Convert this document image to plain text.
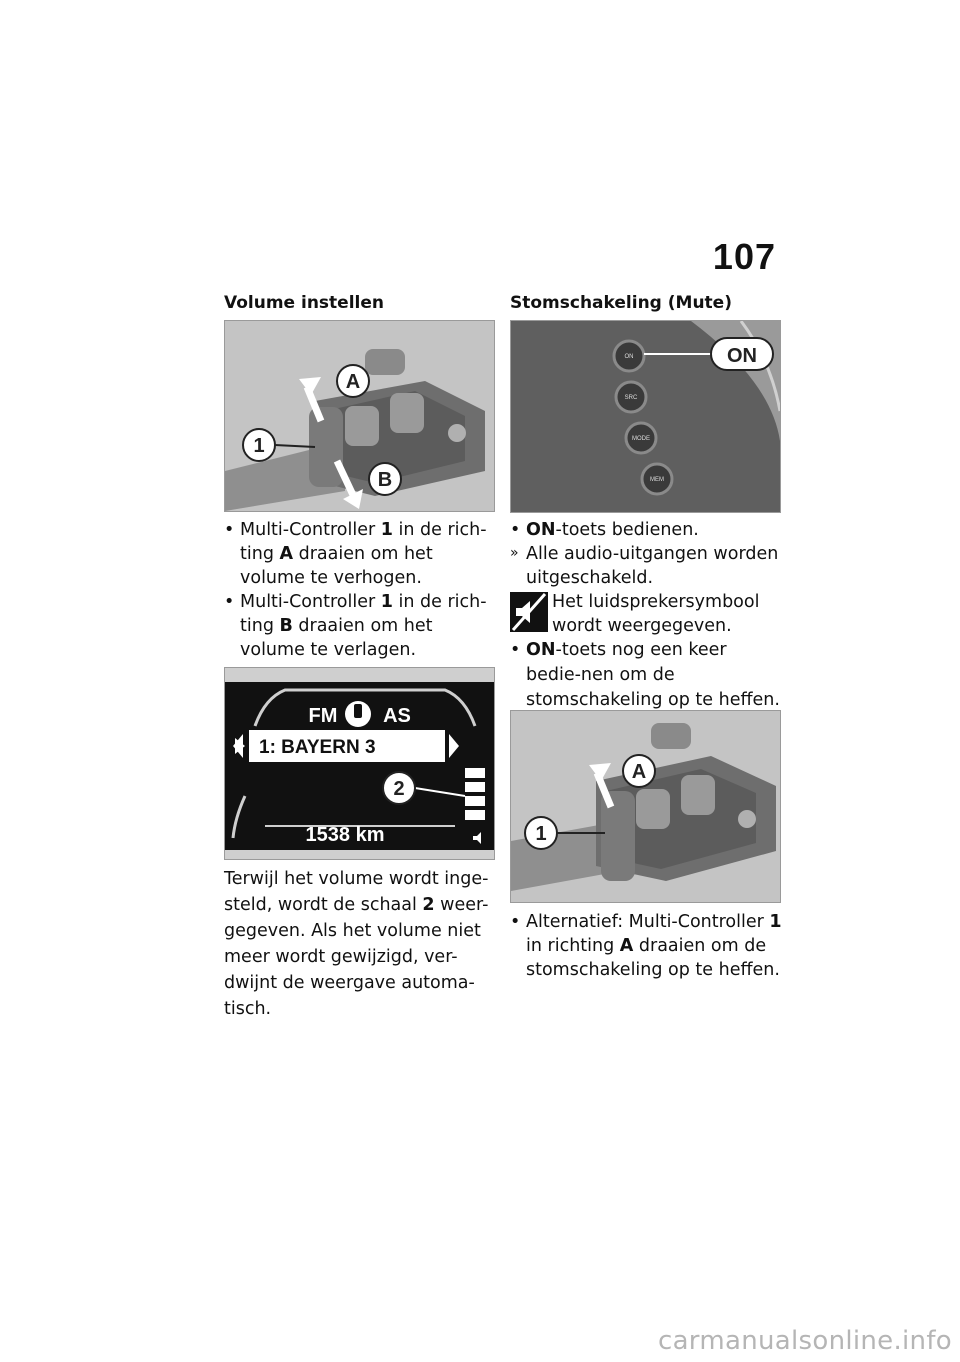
107
Volume instellen
A
1
B
• Multi-Controller 1 in de rich-ting A draaien om het volume te verhogen.
• Multi-Controller 1 in de rich-ting B draaien om het volume te verlagen.
FM AS
1: BAYERN 3
2
1538 km
Terwijl het volume wordt inge-steld, wordt de schaal 2 weer-gegeven. Als het volume niet meer wordt gewijzigd, ver-dwijnt de weergave automa-tisch.
Stomschakeling (Mute)
ON
SRC
MODE
MEM
ON
• ON-toets bedienen.
» Alle audio-uitgangen worden uitgeschakeld.
Het luidsprekersymbool wordt weergegeven.
• ON-toets nog een keer bedie-nen om de stomschakeling op te heffen.
A
1
• Alternatief: Multi-Controller 1 in richting A draaien om de stomschakeling op te heffen.
carmanualsonline.info
